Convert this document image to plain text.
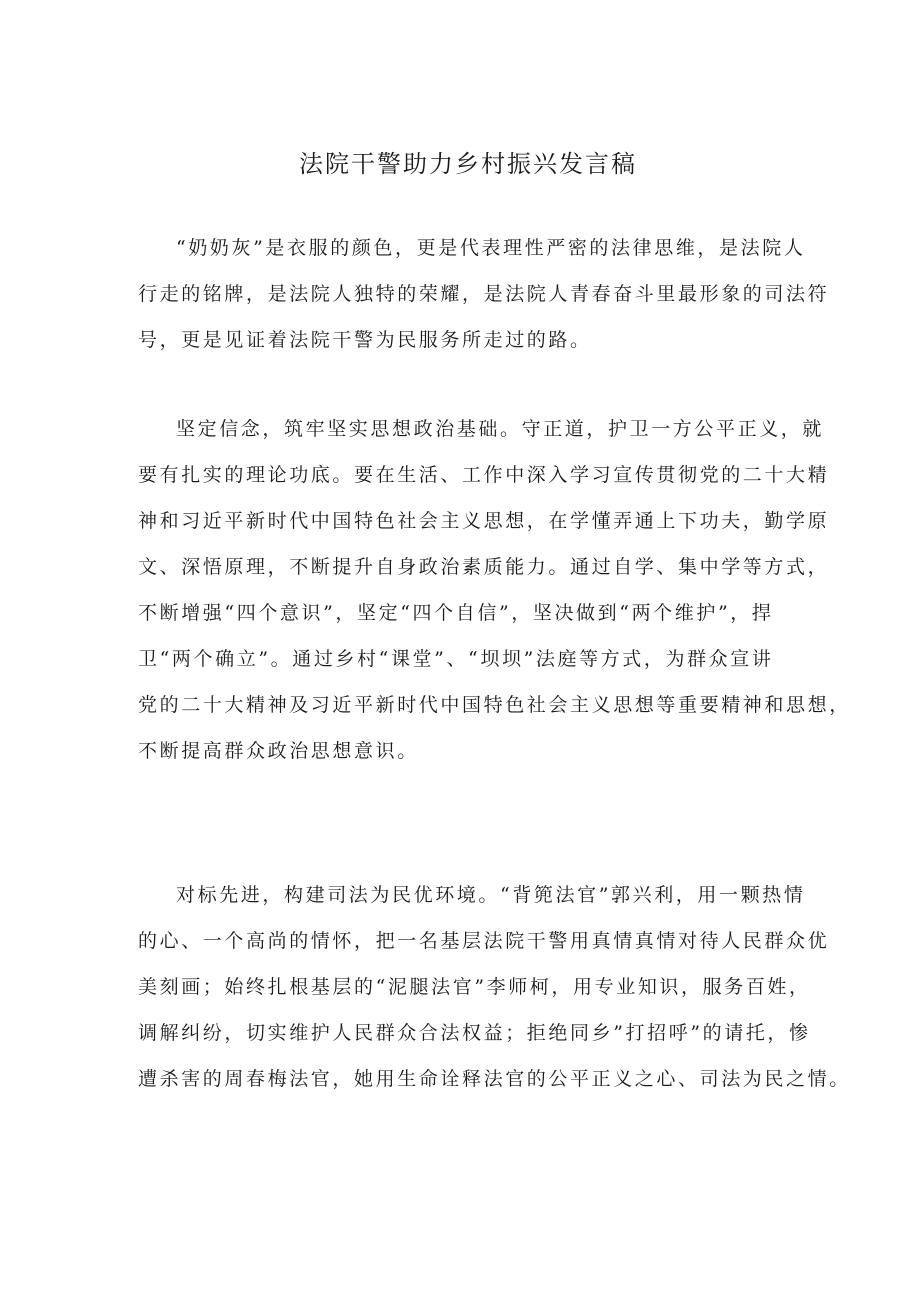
法院干警助力乡村振兴发言稿

“奶奶灰”是衣服的颜色，更是代表理性严密的法律思维，是法院人
行走的铭牌，是法院人独特的荣耀，是法院人青春奋斗里最形象的司法符
号，更是见证着法院干警为民服务所走过的路。

坚定信念，筑牢坚实思想政治基础。守正道，护卫一方公平正义，就
要有扎实的理论功底。要在生活、工作中深入学习宣传贯彻党的二十大精
神和习近平新时代中国特色社会主义思想，在学懂弄通上下功夫，勤学原
文、深悟原理，不断提升自身政治素质能力。通过自学、集中学等方式，
不断增强“四个意识”，坚定“四个自信”，坚决做到“两个维护”，捍
卫“两个确立”。通过乡村“课堂”、“坝坝”法庭等方式，为群众宣讲
党的二十大精神及习近平新时代中国特色社会主义思想等重要精神和思想，
不断提高群众政治思想意识。

对标先进，构建司法为民优环境。“背篼法官”郭兴利，用一颗热情
的心、一个高尚的情怀，把一名基层法院干警用真情真情对待人民群众优
美刻画；始终扎根基层的“泥腿法官”李师柯，用专业知识，服务百姓，
调解纠纷，切实维护人民群众合法权益；拒绝同乡”打招呼”的请托，惨
遭杀害的周春梅法官，她用生命诠释法官的公平正义之心、司法为民之情。
